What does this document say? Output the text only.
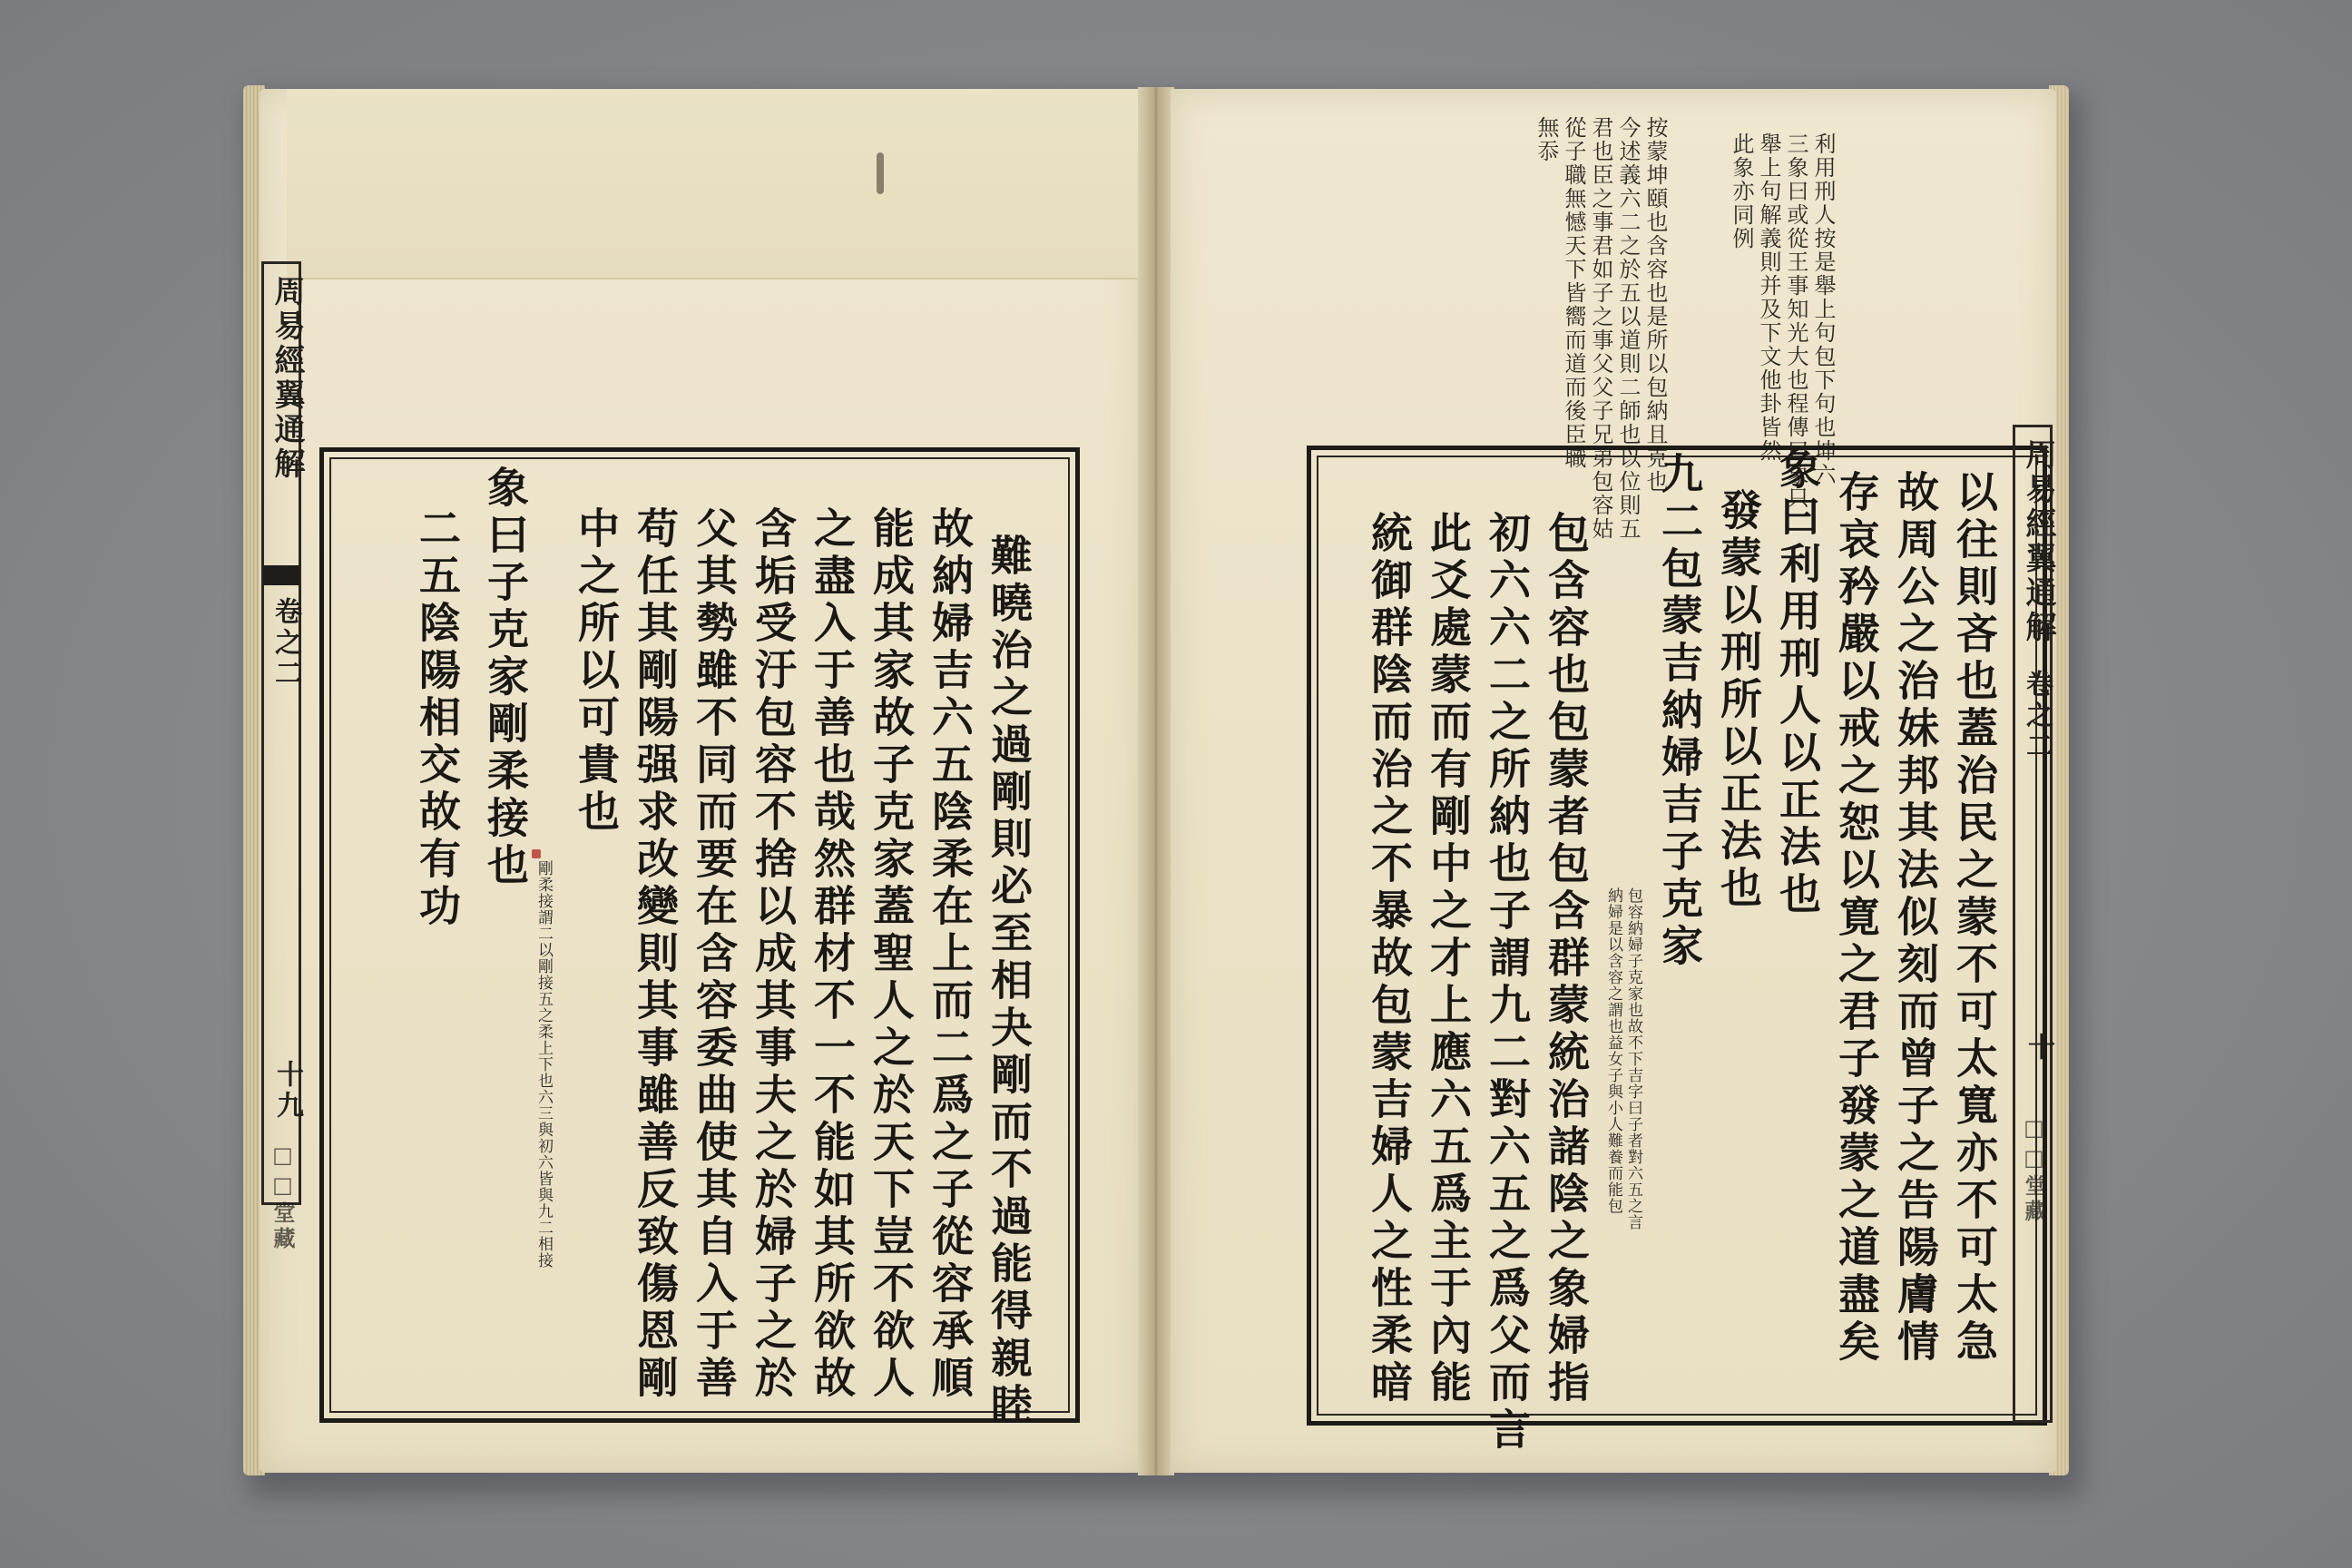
周易經翼通解
卷之二
十九
□□堂藏	難曉治之過剛則必至相夬剛而不過能得親睦
故納婦吉六五陰柔在上而二爲之子從容承順
能成其家故子克家蓋聖人之於天下豈不欲人
之盡入于善也哉然群材不一不能如其所欲故
含垢受汙包容不捨以成其事夫之於婦子之於
父其勢雖不同而要在含容委曲使其自入于善
苟任其剛陽强求改變則其事雖善反致傷恩剛
中之所以可貴也
剛柔接謂二以剛接五之柔上下也六三與初六皆與九二相接
象曰子克家剛柔接也
二五陰陽相交故有功
利用刑人按是舉上句包下句也坤六
三象曰或從王事知光大也程傳曰象只
舉上句解義則并及下文他卦皆然
此象亦同例
按蒙坤頤也含容也是所以包納且克也
今述義六二之於五以道則二師也以位則五
君也臣之事君如子之事父父子兄弟包容姑
從子職無憾天下皆嚮而道而後臣職
無忝
周易經翼通解
卷之二
十
□□堂藏
以往則吝也蓋治民之蒙不可太寬亦不可太急
故周公之治妹邦其法似刻而曾子之告陽膚情
存哀矜嚴以戒之恕以寛之君子發蒙之道盡矣
象曰利用刑人以正法也
發蒙以刑所以正法也
九二包蒙吉納婦吉子克家
包容納婦子克家也故不下吉字曰子者對六五之言
納婦是以含容之謂也益女子與小人難養而能包
包含容也包蒙者包含群蒙統治諸陰之象婦指
初六六二之所納也子謂九二對六五之爲父而言
此爻處蒙而有剛中之才上應六五爲主于內能
統御群陰而治之不暴故包蒙吉婦人之性柔暗
